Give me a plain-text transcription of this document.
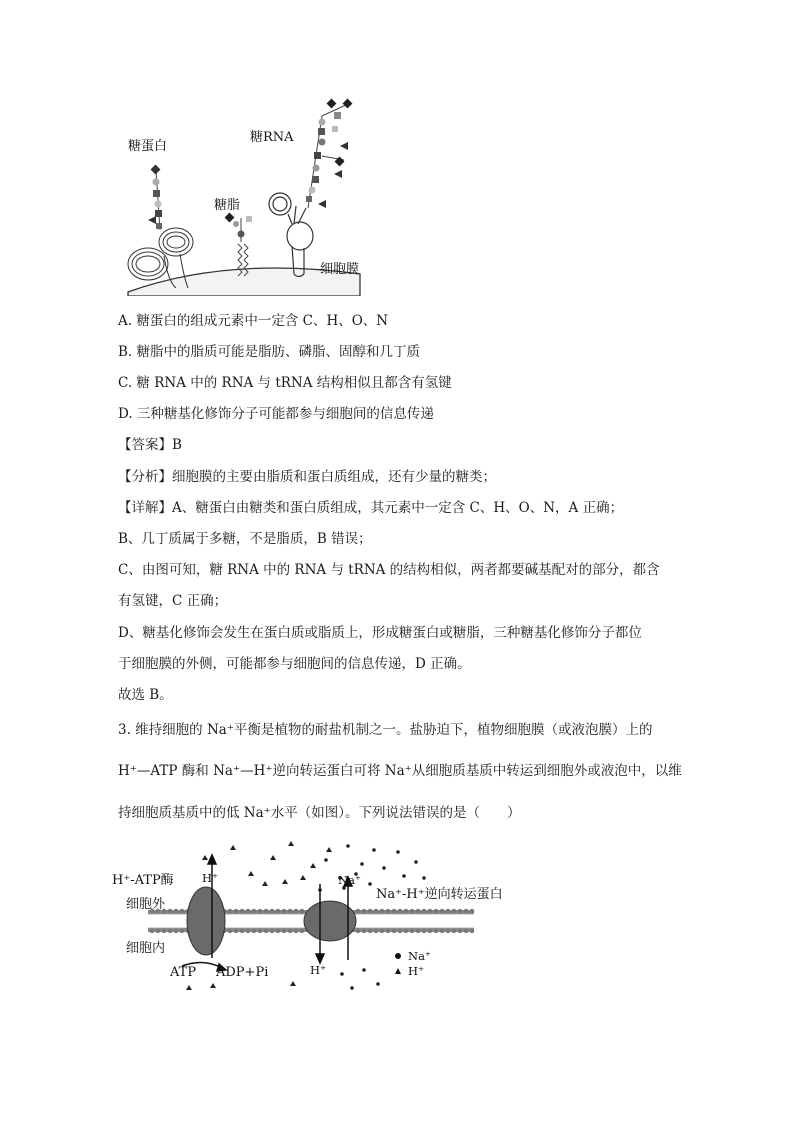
糖蛋白
糖脂
糖RNA
细胞膜
A. 糖蛋白的组成元素中一定含 C、H、O、N
B. 糖脂中的脂质可能是脂肪、磷脂、固醇和几丁质
C. 糖 RNA 中的 RNA 与 tRNA 结构相似且都含有氢键
D. 三种糖基化修饰分子可能都参与细胞间的信息传递
【答案】B
【分析】细胞膜的主要由脂质和蛋白质组成，还有少量的糖类；
【详解】A、糖蛋白由糖类和蛋白质组成，其元素中一定含 C、H、O、N，A 正确；
B、几丁质属于多糖，不是脂质，B 错误；
C、由图可知，糖 RNA 中的 RNA 与 tRNA 的结构相似，两者都要碱基配对的部分，都含
有氢键，C 正确；
D、糖基化修饰会发生在蛋白质或脂质上，形成糖蛋白或糖脂，三种糖基化修饰分子都位
于细胞膜的外侧，可能都参与细胞间的信息传递，D 正确。
故选 B。
3. 维持细胞的 Na⁺平衡是植物的耐盐机制之一。盐胁迫下，植物细胞膜（或液泡膜）上的
H⁺—ATP 酶和 Na⁺—H⁺逆向转运蛋白可将 Na⁺从细胞质基质中转运到细胞外或液泡中，以维
持细胞质基质中的低 Na⁺水平（如图）。下列说法错误的是（　　）
H⁺-ATP酶 H⁺
细胞外
细胞内
ATP ADP+Pi
Na⁺
Na⁺-H⁺逆向转运蛋白
H⁺
Na⁺
H⁺
